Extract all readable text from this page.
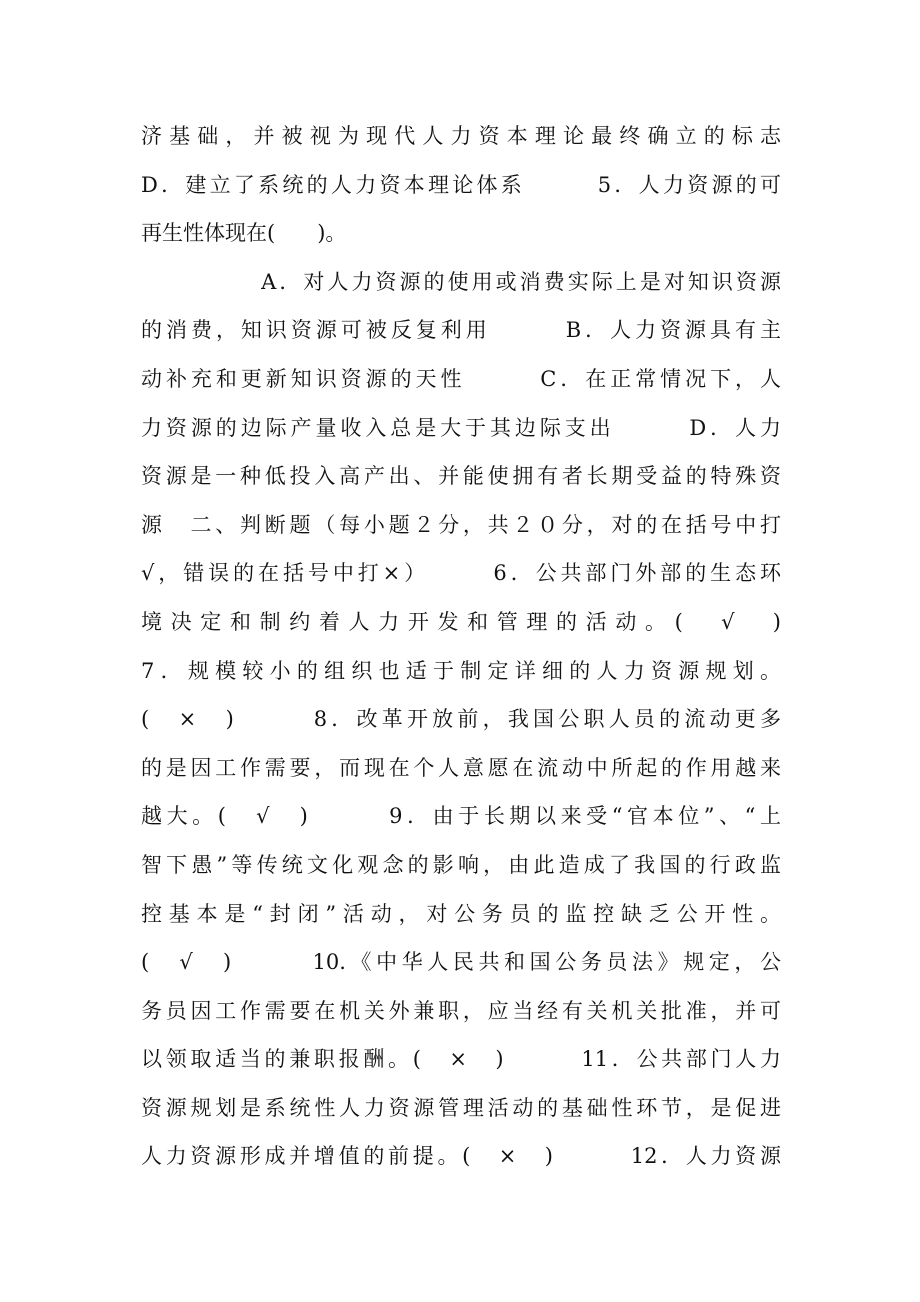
济基础，并被视为现代人力资本理论最终确立的标志
D．建立了系统的人力资本理论体系　　　5．人力资源的可
再生性体现在(　　)。
　　　　　A．对人力资源的使用或消费实际上是对知识资源
的消费，知识资源可被反复利用　　　B．人力资源具有主
动补充和更新知识资源的天性　　　C．在正常情况下，人
力资源的边际产量收入总是大于其边际支出　　　D．人力
资源是一种低投入高产出、并能使拥有者长期受益的特殊资
源　二、判断题（每小题２分，共２０分，对的在括号中打
√，错误的在括号中打×）　　　6．公共部门外部的生态环
境决定和制约着人力开发和管理的活动。(　√　)
7．规模较小的组织也适于制定详细的人力资源规划。
(　×　)　　　8．改革开放前，我国公职人员的流动更多
的是因工作需要，而现在个人意愿在流动中所起的作用越来
越大。(　√　)　　　9．由于长期以来受“官本位”、“上
智下愚”等传统文化观念的影响，由此造成了我国的行政监
控基本是“封闭”活动，对公务员的监控缺乏公开性。
(　√　)　　　10.《中华人民共和国公务员法》规定，公
务员因工作需要在机关外兼职，应当经有关机关批准，并可
以领取适当的兼职报酬。(　×　)　　　11．公共部门人力
资源规划是系统性人力资源管理活动的基础性环节，是促进
人力资源形成并增值的前提。(　×　)　　　12．人力资源
